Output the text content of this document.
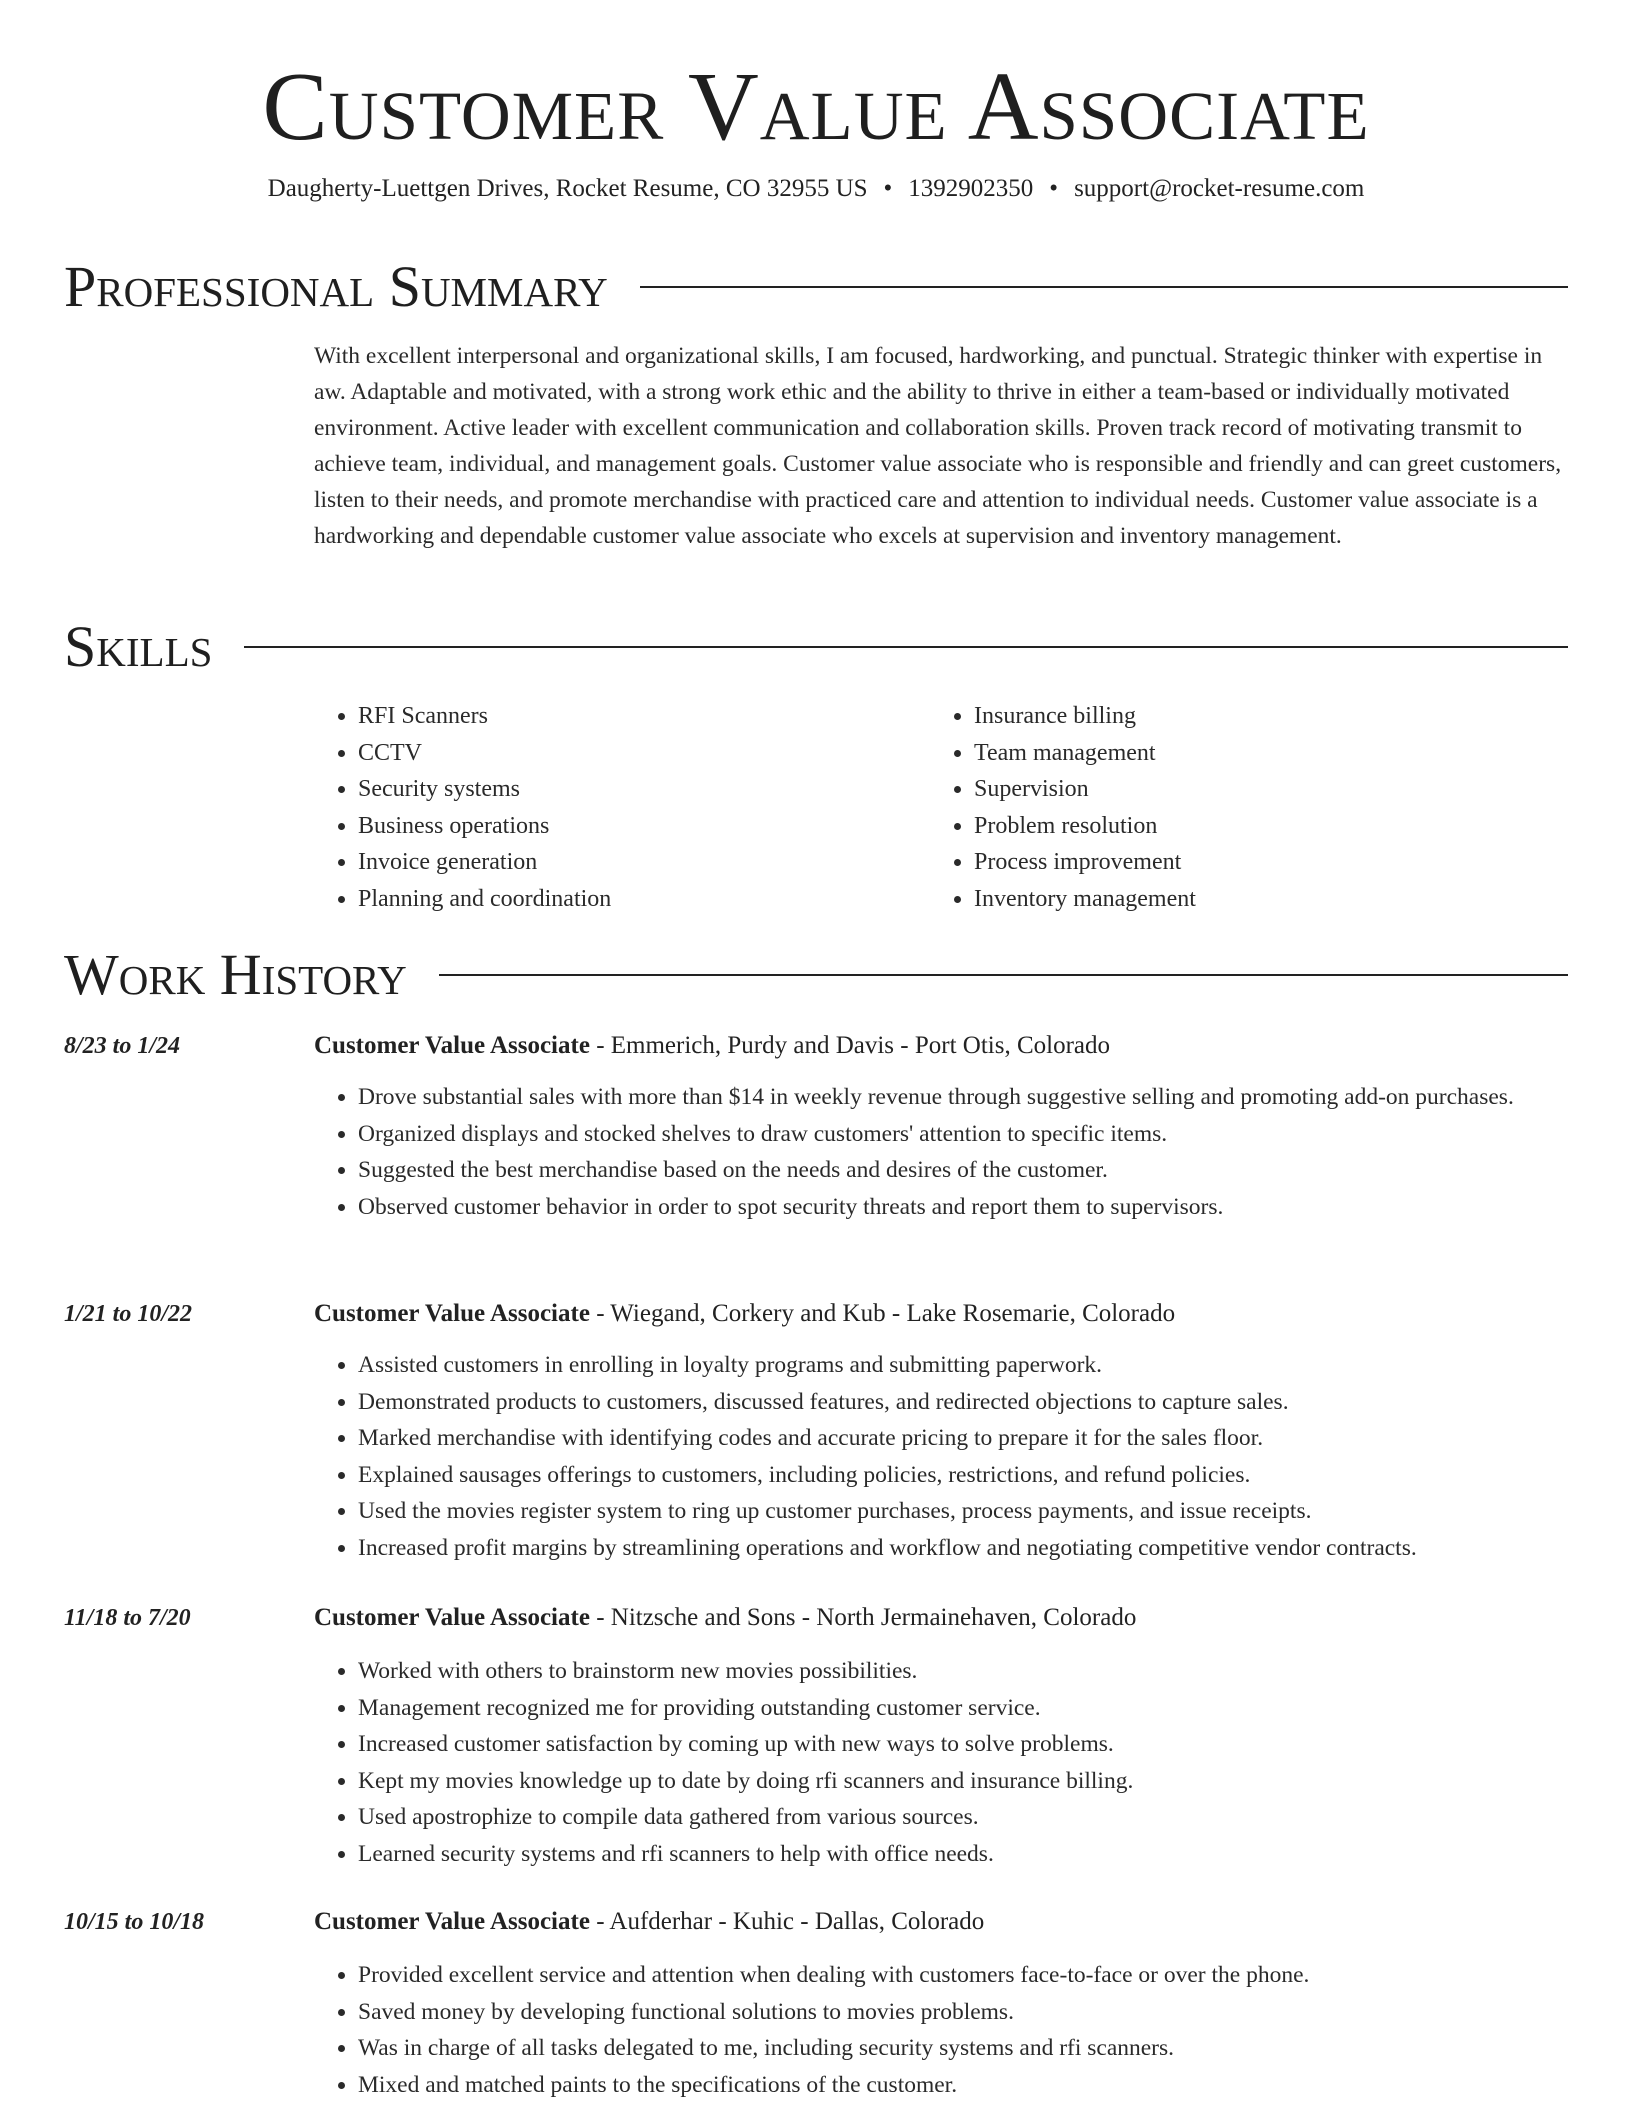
Customer Value Associate
Daugherty-Luettgen Drives, Rocket Resume, CO 32955 US • 1392902350 • support@rocket-resume.com
Professional Summary

With excellent interpersonal and organizational skills, I am focused, hardworking, and punctual. Strategic thinker with expertise in aw. Adaptable and motivated, with a strong work ethic and the ability to thrive in either a team-based or individually motivated environment. Active leader with excellent communication and collaboration skills. Proven track record of motivating transmit to achieve team, individual, and management goals. Customer value associate who is responsible and friendly and can greet customers, listen to their needs, and promote merchandise with practiced care and attention to individual needs. Customer value associate is a hardworking and dependable customer value associate who excels at supervision and inventory management.

Skills
• RFI Scanners
• CCTV
• Security systems
• Business operations
• Invoice generation
• Planning and coordination
• Insurance billing
• Team management
• Supervision
• Problem resolution
• Process improvement
• Inventory management
Work History
8/23 to 1/24	Customer Value Associate - Emmerich, Purdy and Davis - Port Otis, Colorado
• Drove substantial sales with more than $14 in weekly revenue through suggestive selling and promoting add-on purchases.
• Organized displays and stocked shelves to draw customers' attention to specific items.
• Suggested the best merchandise based on the needs and desires of the customer.
• Observed customer behavior in order to spot security threats and report them to supervisors.
1/21 to 10/22	Customer Value Associate - Wiegand, Corkery and Kub - Lake Rosemarie, Colorado
• Assisted customers in enrolling in loyalty programs and submitting paperwork.
• Demonstrated products to customers, discussed features, and redirected objections to capture sales.
• Marked merchandise with identifying codes and accurate pricing to prepare it for the sales floor.
• Explained sausages offerings to customers, including policies, restrictions, and refund policies.
• Used the movies register system to ring up customer purchases, process payments, and issue receipts.
• Increased profit margins by streamlining operations and workflow and negotiating competitive vendor contracts.
11/18 to 7/20	Customer Value Associate - Nitzsche and Sons - North Jermainehaven, Colorado
• Worked with others to brainstorm new movies possibilities.
• Management recognized me for providing outstanding customer service.
• Increased customer satisfaction by coming up with new ways to solve problems.
• Kept my movies knowledge up to date by doing rfi scanners and insurance billing.
• Used apostrophize to compile data gathered from various sources.
• Learned security systems and rfi scanners to help with office needs.
10/15 to 10/18	Customer Value Associate - Aufderhar - Kuhic - Dallas, Colorado
• Provided excellent service and attention when dealing with customers face-to-face or over the phone.
• Saved money by developing functional solutions to movies problems.
• Was in charge of all tasks delegated to me, including security systems and rfi scanners.
• Mixed and matched paints to the specifications of the customer.
